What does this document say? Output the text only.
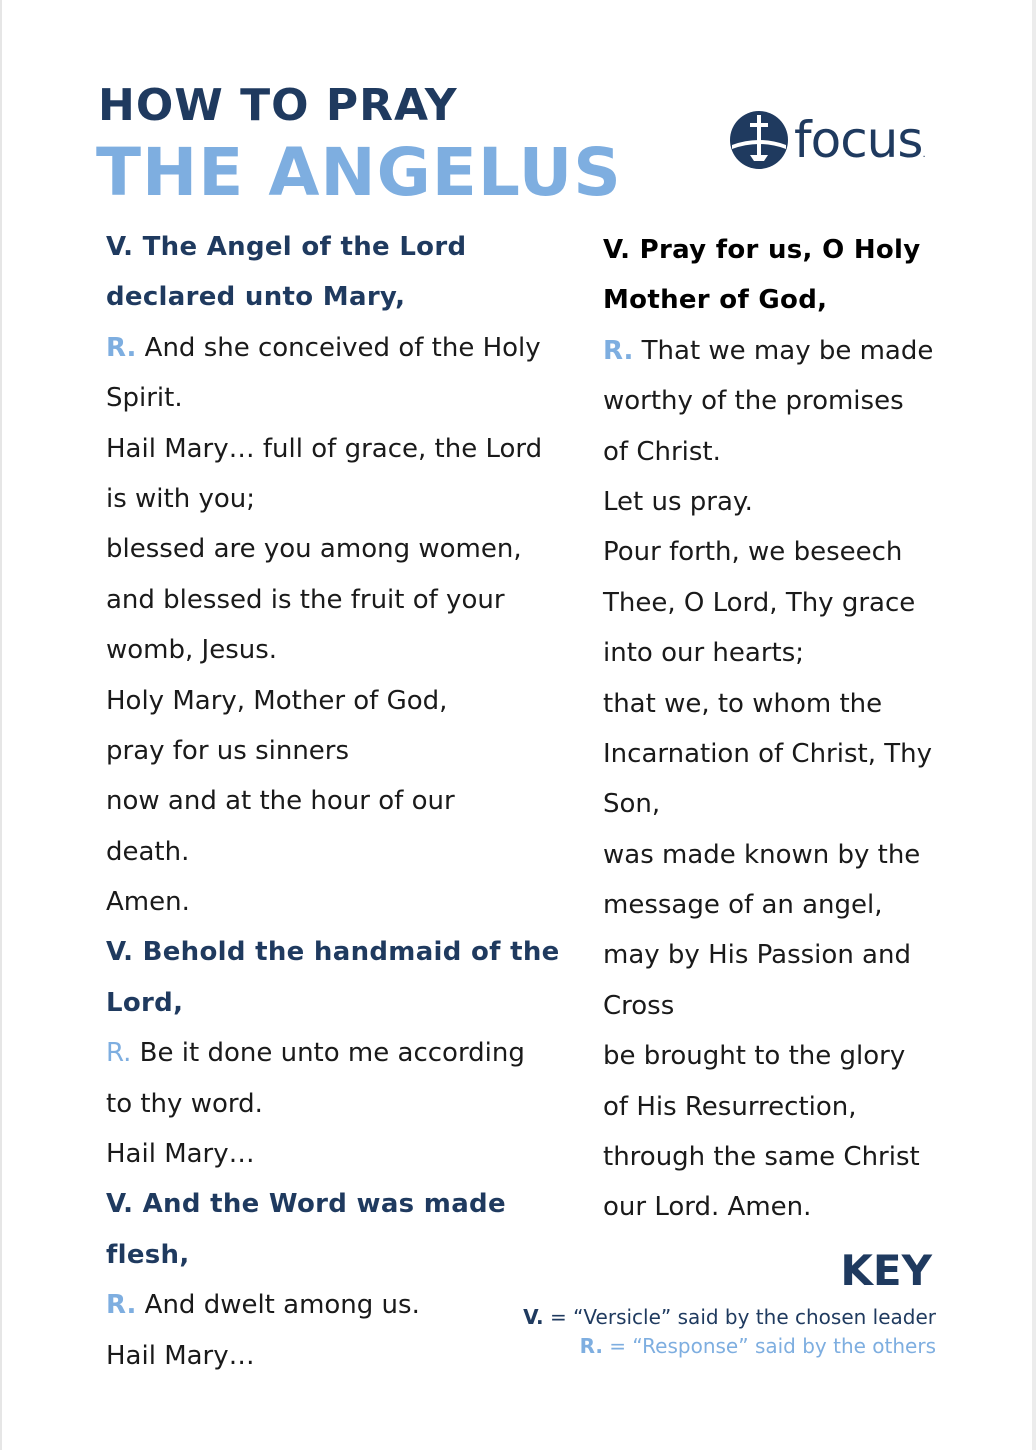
HOW TO PRAY
THE ANGELUS	focus .
V. The Angel of the Lord
declared unto Mary,
R. And she conceived of the Holy
Spirit.
Hail Mary… full of grace, the Lord
is with you;
blessed are you among women,
and blessed is the fruit of your
womb, Jesus.
Holy Mary, Mother of God,
pray for us sinners
now and at the hour of our
death.
Amen.
V. Behold the handmaid of the
Lord,
R. Be it done unto me according
to thy word.
Hail Mary…
V. And the Word was made
flesh,
R. And dwelt among us.
Hail Mary…
V. Pray for us, O Holy
Mother of God,
R. That we may be made
worthy of the promises
of Christ.
Let us pray.
Pour forth, we beseech
Thee, O Lord, Thy grace
into our hearts;
that we, to whom the
Incarnation of Christ, Thy
Son,
was made known by the
message of an angel,
may by His Passion and
Cross
be brought to the glory
of His Resurrection,
through the same Christ
our Lord. Amen.
KEY
V. = “Versicle” said by the chosen leader
R. = “Response” said by the others
